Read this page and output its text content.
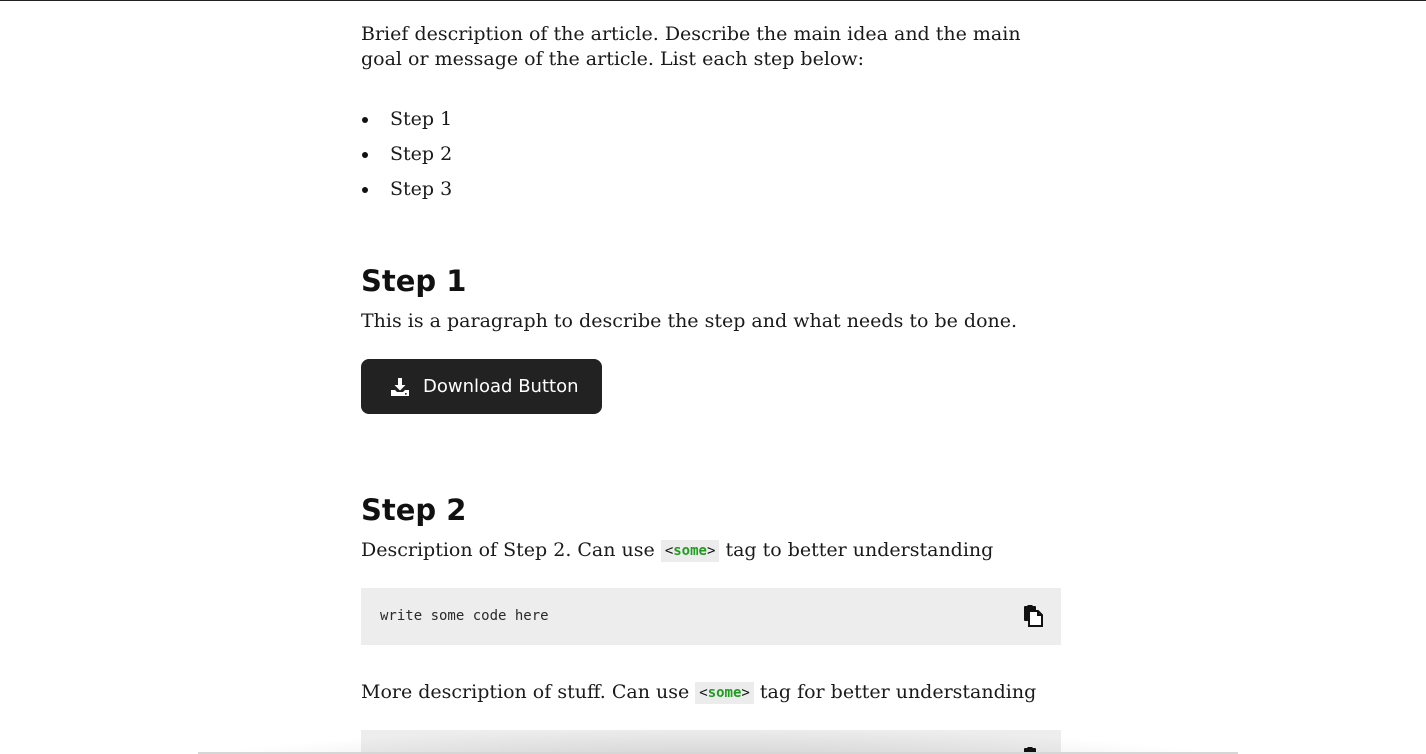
Brief description of the article. Describe the main idea and the main goal or message of the article. List each step below:

Step 1
Step 2
Step 3
Step 1

This is a paragraph to describe the step and what needs to be done.

Download Button
Step 2

Description of Step 2. Can use <some> tag to better understanding

write some code here

More description of stuff. Can use <some> tag for better understanding
